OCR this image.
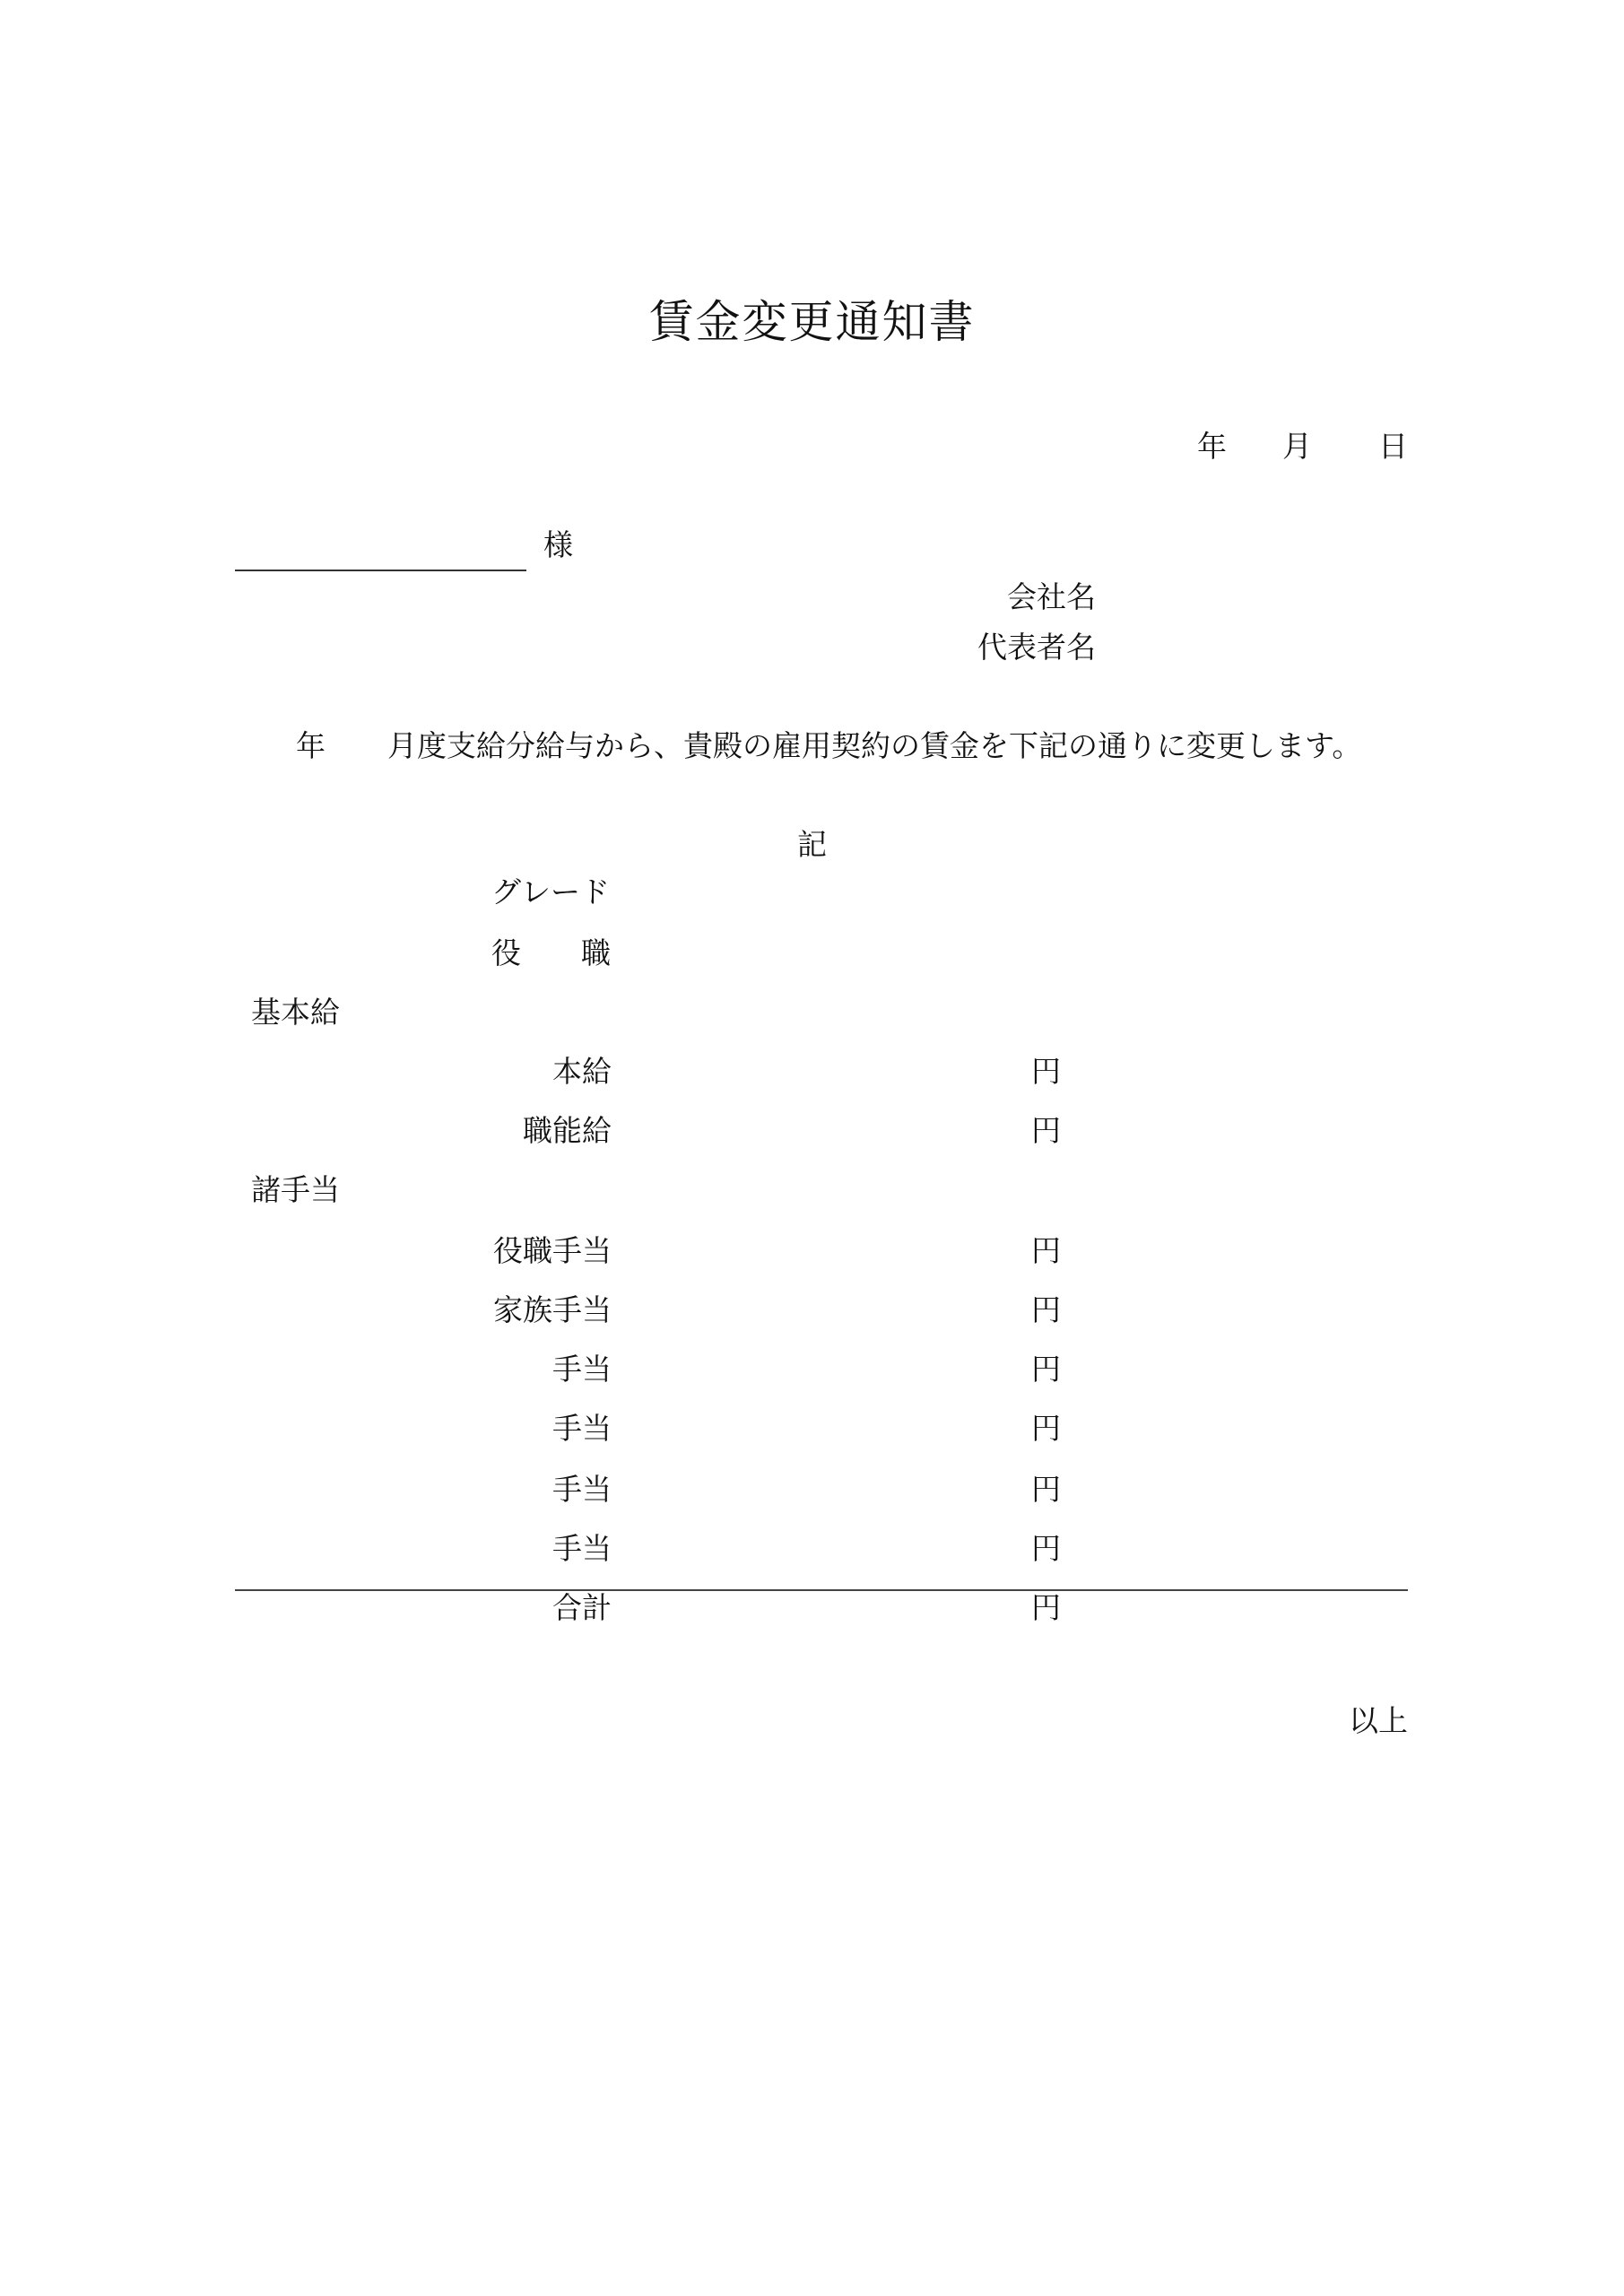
賃金変更通知書
年 月 日
様
会社名
代表者名
年 月度支給分給与から、貴殿の雇用契約の賃金を下記の通りに変更します。
記
グレード
役 職
基本給
本給	円
職能給	円
諸手当
役職手当	円
家族手当	円
手当	円
手当	円
手当	円
手当	円
合計	円
以上
